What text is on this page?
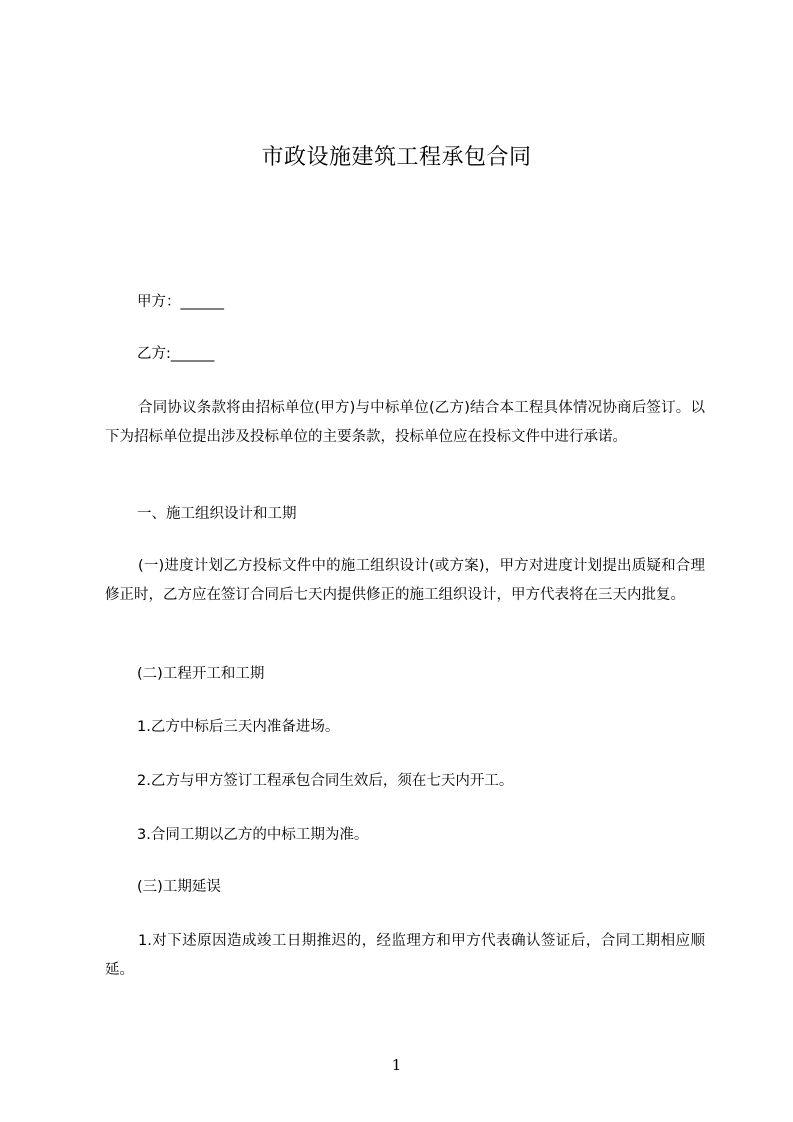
市政设施建筑工程承包合同
甲方：______
乙方:______
合同协议条款将由招标单位(甲方)与中标单位(乙方)结合本工程具体情况协商后签订。以下为招标单位提出涉及投标单位的主要条款，投标单位应在投标文件中进行承诺。
一、施工组织设计和工期
(一)进度计划乙方投标文件中的施工组织设计(或方案)，甲方对进度计划提出质疑和合理修正时，乙方应在签订合同后七天内提供修正的施工组织设计，甲方代表将在三天内批复。
(二)工程开工和工期
1.乙方中标后三天内准备进场。
2.乙方与甲方签订工程承包合同生效后，须在七天内开工。
3.合同工期以乙方的中标工期为准。
(三)工期延误
1.对下述原因造成竣工日期推迟的，经监理方和甲方代表确认签证后，合同工期相应顺延。
1
